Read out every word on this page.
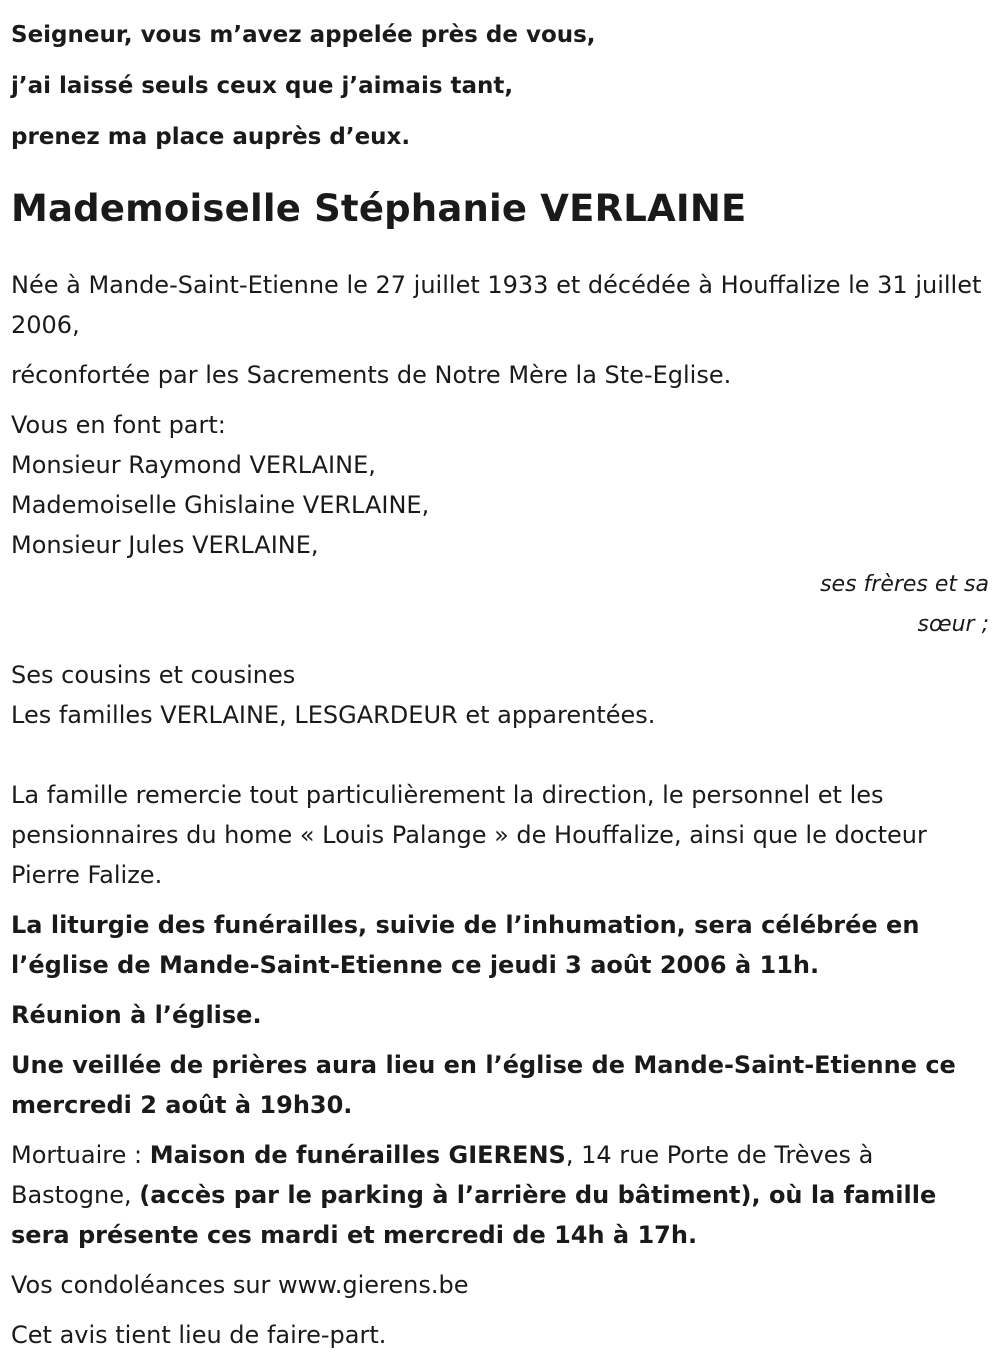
Seigneur, vous m’avez appelée près de vous,

j’ai laissé seuls ceux que j’aimais tant,

prenez ma place auprès d’eux.

Mademoiselle Stéphanie VERLAINE

Née à Mande-Saint-Etienne le 27 juillet 1933 et décédée à Houffalize le 31 juillet 2006,

réconfortée par les Sacrements de Notre Mère la Ste-Eglise.

Vous en font part:

Monsieur Raymond VERLAINE,

Mademoiselle Ghislaine VERLAINE,

Monsieur Jules VERLAINE,

ses frères et sa sœur ;

Ses cousins et cousines

Les familles VERLAINE, LESGARDEUR et apparentées.

La famille remercie tout particulièrement la direction, le personnel et les pensionnaires du home « Louis Palange » de Houffalize, ainsi que le docteur Pierre Falize.

La liturgie des funérailles, suivie de l’inhumation, sera célébrée en l’église de Mande-Saint-Etienne ce jeudi 3 août 2006 à 11h.

Réunion à l’église.

Une veillée de prières aura lieu en l’église de Mande-Saint-Etienne ce mercredi 2 août à 19h30.

Mortuaire : Maison de funérailles GIERENS, 14 rue Porte de Trèves à Bastogne, (accès par le parking à l’arrière du bâtiment), où la famille sera présente ces mardi et mercredi de 14h à 17h.

Vos condoléances sur www.gierens.be

Cet avis tient lieu de faire-part.
